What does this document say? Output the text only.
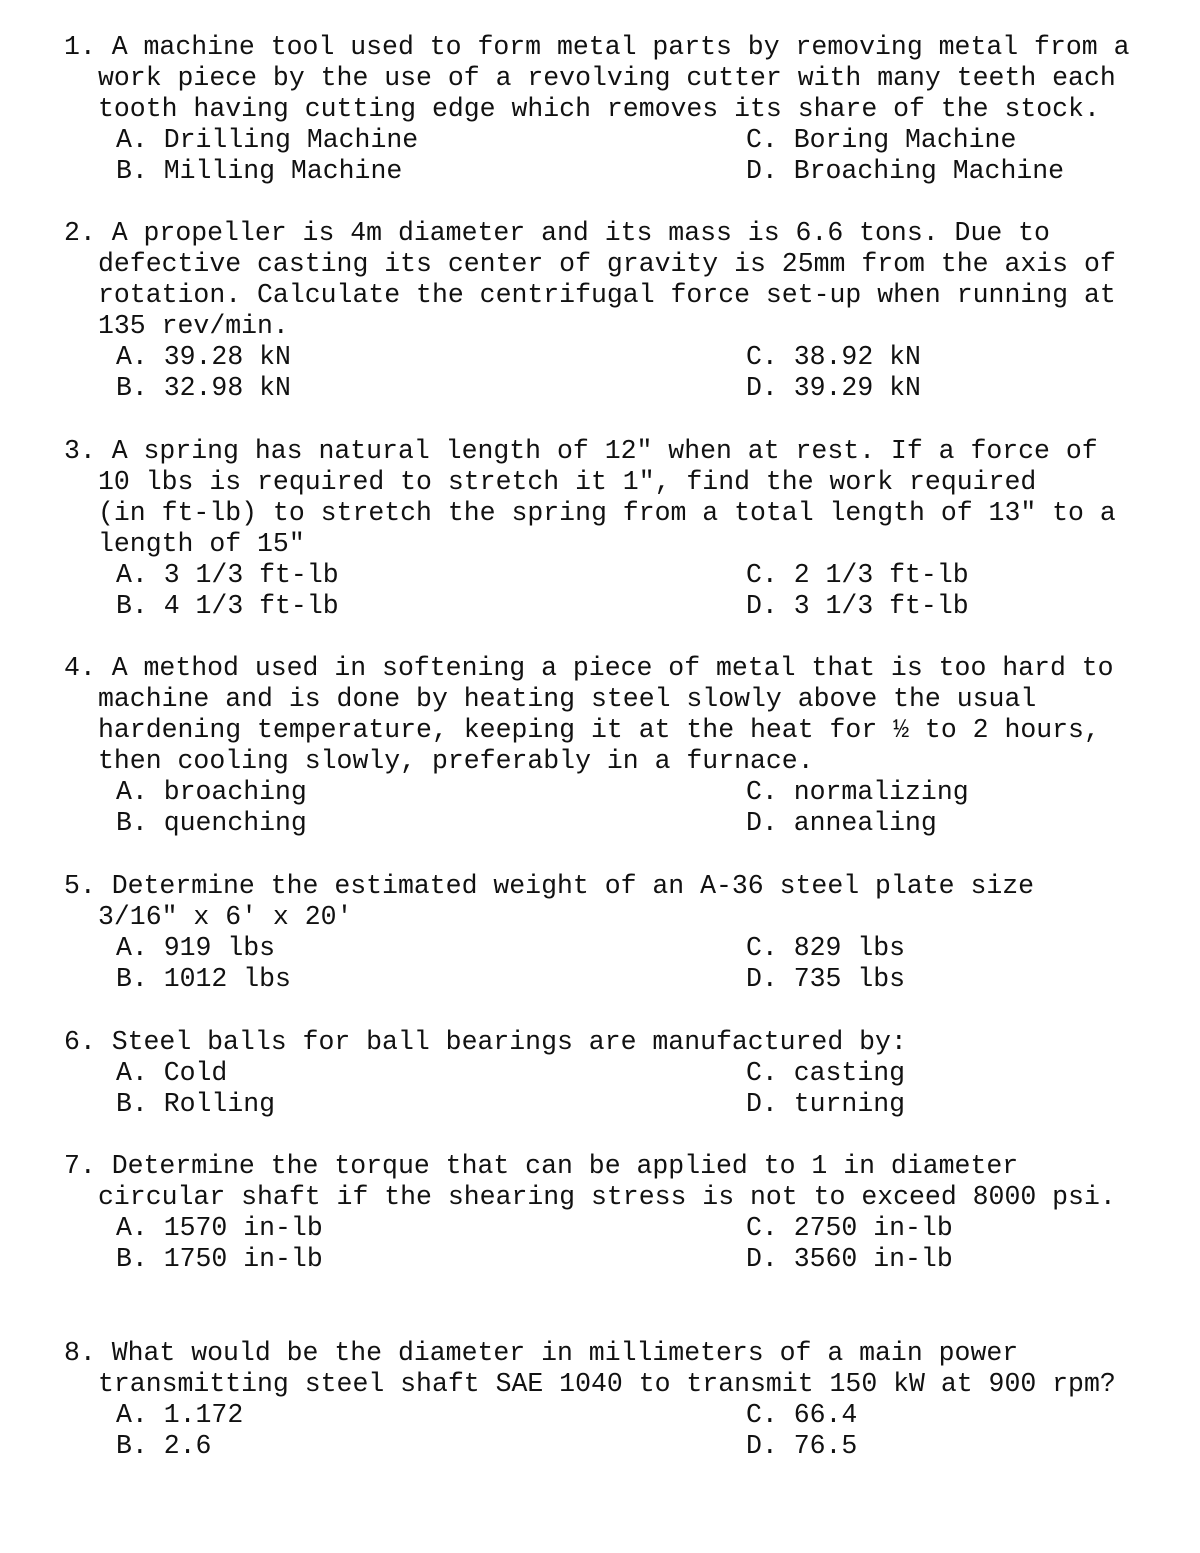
1. A machine tool used to form metal parts by removing metal from a
work piece by the use of a revolving cutter with many teeth each
tooth having cutting edge which removes its share of the stock.
A. Drilling Machine
B. Milling Machine
C. Boring Machine
D. Broaching Machine
2. A propeller is 4m diameter and its mass is 6.6 tons. Due to
defective casting its center of gravity is 25mm from the axis of
rotation. Calculate the centrifugal force set-up when running at
135 rev/min.
A. 39.28 kN
B. 32.98 kN
C. 38.92 kN
D. 39.29 kN
3. A spring has natural length of 12″ when at rest. If a force of
10 lbs is required to stretch it 1″, find the work required
(in ft-lb) to stretch the spring from a total length of 13″ to a
length of 15″
A. 3 1/3 ft-lb
B. 4 1/3 ft-lb
C. 2 1/3 ft-lb
D. 3 1/3 ft-lb
4. A method used in softening a piece of metal that is too hard to
machine and is done by heating steel slowly above the usual
hardening temperature, keeping it at the heat for ½ to 2 hours,
then cooling slowly, preferably in a furnace.
A. broaching
B. quenching
C. normalizing
D. annealing
5. Determine the estimated weight of an A-36 steel plate size
3/16″ x 6′ x 20′
A. 919 lbs
B. 1012 lbs
C. 829 lbs
D. 735 lbs
6. Steel balls for ball bearings are manufactured by:
A. Cold
B. Rolling
C. casting
D. turning
7. Determine the torque that can be applied to 1 in diameter
circular shaft if the shearing stress is not to exceed 8000 psi.
A. 1570 in-lb
B. 1750 in-lb
C. 2750 in-lb
D. 3560 in-lb
8. What would be the diameter in millimeters of a main power
transmitting steel shaft SAE 1040 to transmit 150 kW at 900 rpm?
A. 1.172
B. 2.6
C. 66.4
D. 76.5
